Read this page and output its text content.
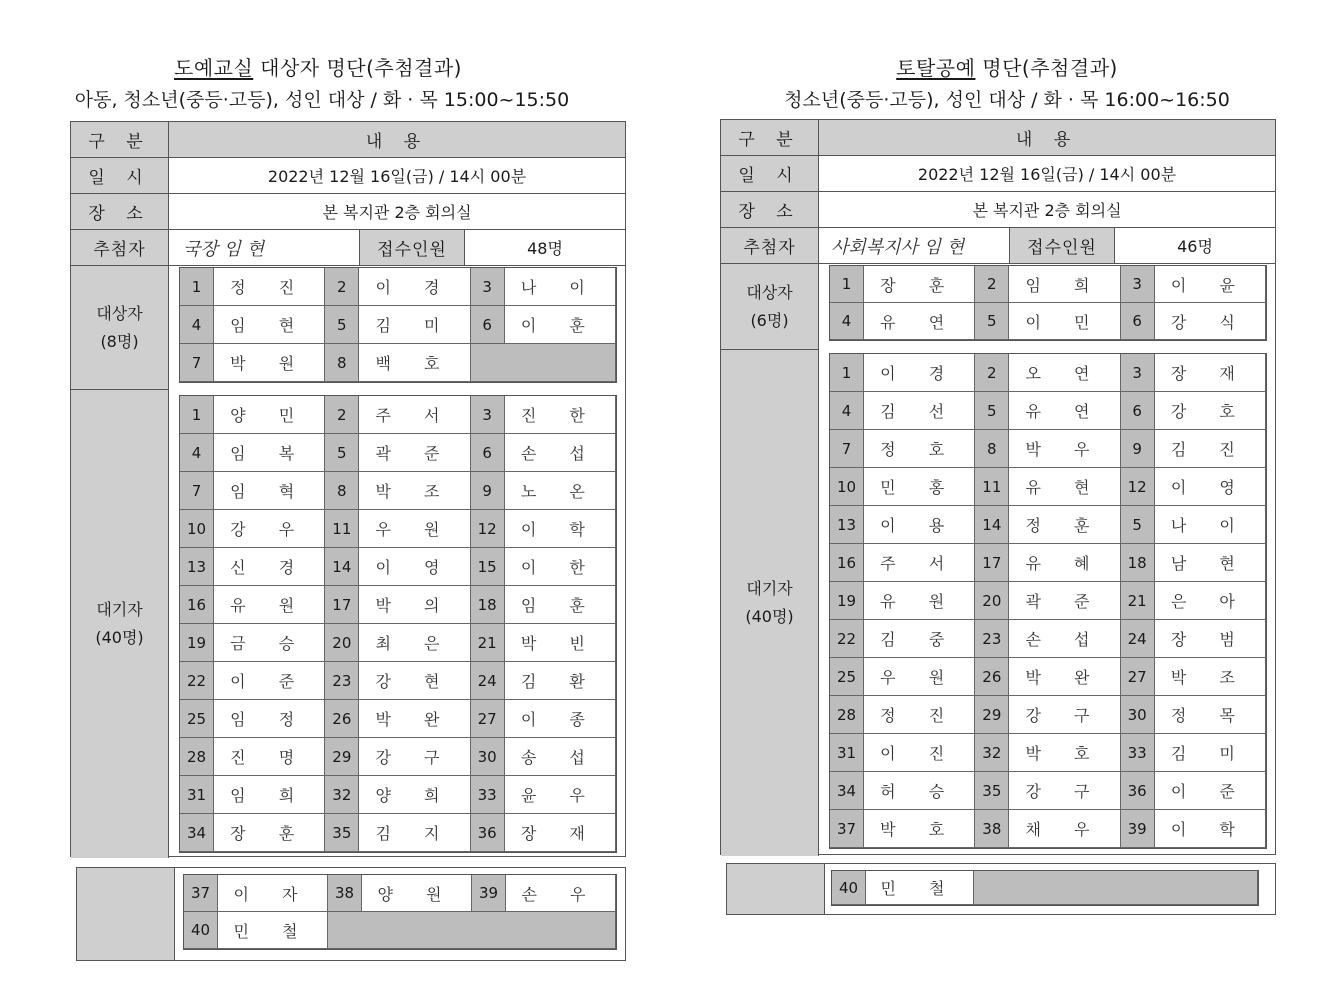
도예교실 대상자 명단(추첨결과)
아동, 청소년(중등·고등), 성인 대상 / 화 · 목 15:00~15:50
구 분	내 용
일 시	2022년 12월 16일(금) / 14시 00분
장 소	본 복지관 2층 회의실
추첨자	국장 임 현	접수인원	48명
대상자
(8명)
1	정 진	2	이 경	3	나 이
4	임 현	5	김 미	6	이 훈
7	박 원	8	백 호
대기자
(40명)
1	양 민	2	주 서	3	진 한
4	임 복	5	곽 준	6	손 섭
7	임 혁	8	박 조	9	노 온
10	강 우	11	우 원	12	이 학
13	신 경	14	이 영	15	이 한
16	유 원	17	박 의	18	임 훈
19	금 승	20	최 은	21	박 빈
22	이 준	23	강 현	24	김 환
25	임 정	26	박 완	27	이 종
28	진 명	29	강 구	30	송 섭
31	임 희	32	양 희	33	윤 우
34	장 훈	35	김 지	36	장 재
37	이 자	38	양 원	39	손 우
40	민 철
토탈공예 명단(추첨결과)
청소년(중등·고등), 성인 대상 / 화 · 목 16:00~16:50
구 분	내 용
일 시	2022년 12월 16일(금) / 14시 00분
장 소	본 복지관 2층 회의실
추첨자	사회복지사 임 현	접수인원	46명
대상자
(6명)
1	장 훈	2	임 희	3	이 윤
4	유 연	5	이 민	6	강 식
대기자
(40명)
1	이 경	2	오 연	3	장 재
4	김 선	5	유 연	6	강 호
7	정 호	8	박 우	9	김 진
10	민 홍	11	유 현	12	이 영
13	이 용	14	정 훈	5	나 이
16	주 서	17	유 혜	18	남 현
19	유 원	20	곽 준	21	은 아
22	김 중	23	손 섭	24	장 범
25	우 원	26	박 완	27	박 조
28	정 진	29	강 구	30	정 목
31	이 진	32	박 호	33	김 미
34	허 승	35	강 구	36	이 준
37	박 호	38	채 우	39	이 학
40	민 철
